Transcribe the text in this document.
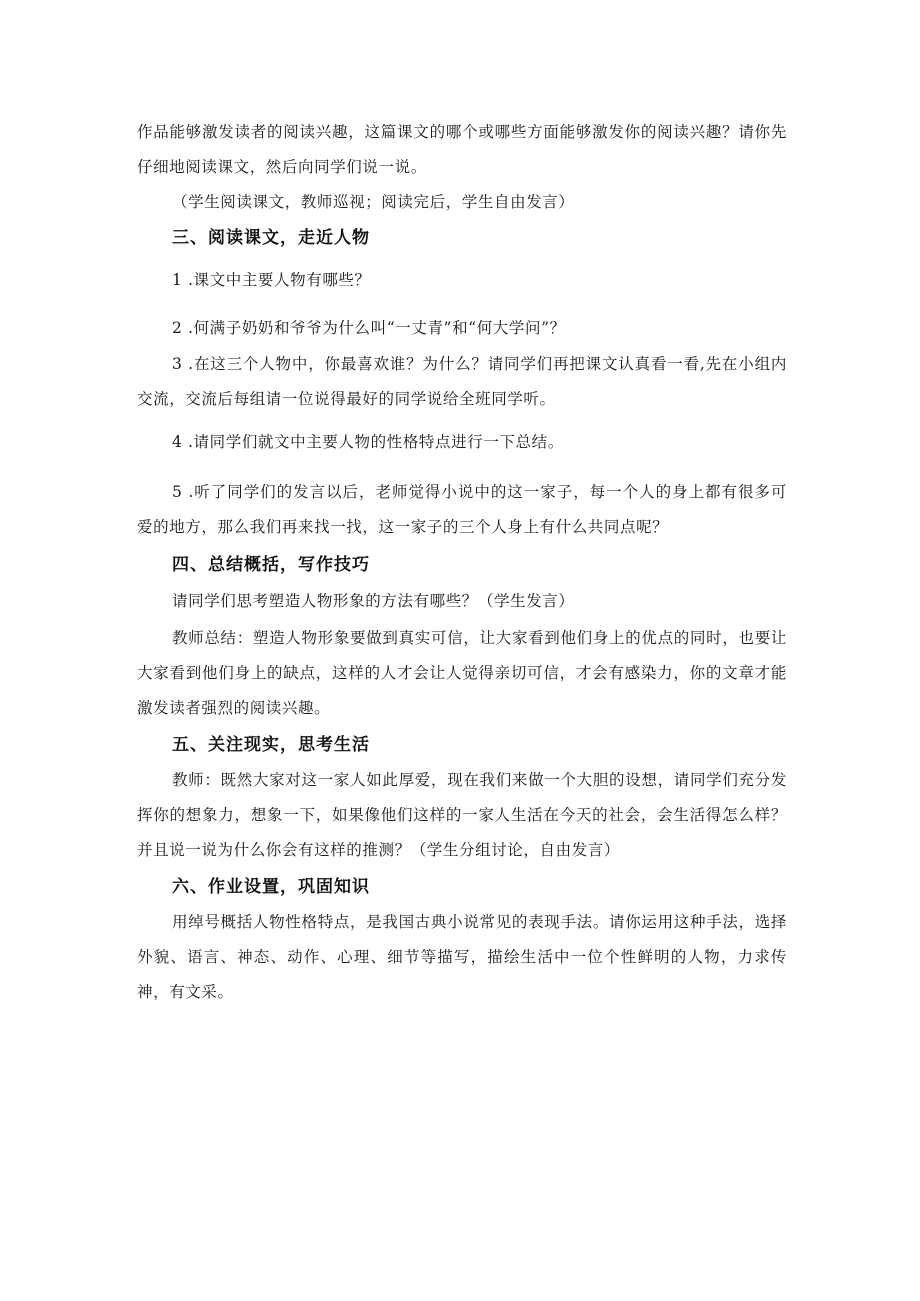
作品能够激发读者的阅读兴趣，这篇课文的哪个或哪些方面能够激发你的阅读兴趣？请你先仔细地阅读课文，然后向同学们说一说。

（学生阅读课文，教师巡视；阅读完后，学生自由发言）

三、阅读课文，走近人物

1 .课文中主要人物有哪些？

2 .何满子奶奶和爷爷为什么叫“一丈青”和“何大学问”？

3 .在这三个人物中，你最喜欢谁？为什么？请同学们再把课文认真看一看,先在小组内交流，交流后每组请一位说得最好的同学说给全班同学听。

4 .请同学们就文中主要人物的性格特点进行一下总结。

5 .听了同学们的发言以后，老师觉得小说中的这一家子，每一个人的身上都有很多可爱的地方，那么我们再来找一找，这一家子的三个人身上有什么共同点呢？

四、总结概括，写作技巧

请同学们思考塑造人物形象的方法有哪些？（学生发言）

教师总结：塑造人物形象要做到真实可信，让大家看到他们身上的优点的同时，也要让大家看到他们身上的缺点，这样的人才会让人觉得亲切可信，才会有感染力，你的文章才能激发读者强烈的阅读兴趣。

五、关注现实，思考生活

教师：既然大家对这一家人如此厚爱，现在我们来做一个大胆的设想，请同学们充分发挥你的想象力，想象一下，如果像他们这样的一家人生活在今天的社会，会生活得怎么样？并且说一说为什么你会有这样的推测？（学生分组讨论，自由发言）

六、作业设置，巩固知识

用绰号概括人物性格特点，是我国古典小说常见的表现手法。请你运用这种手法，选择外貌、语言、神态、动作、心理、细节等描写，描绘生活中一位个性鲜明的人物，力求传神，有文采。
